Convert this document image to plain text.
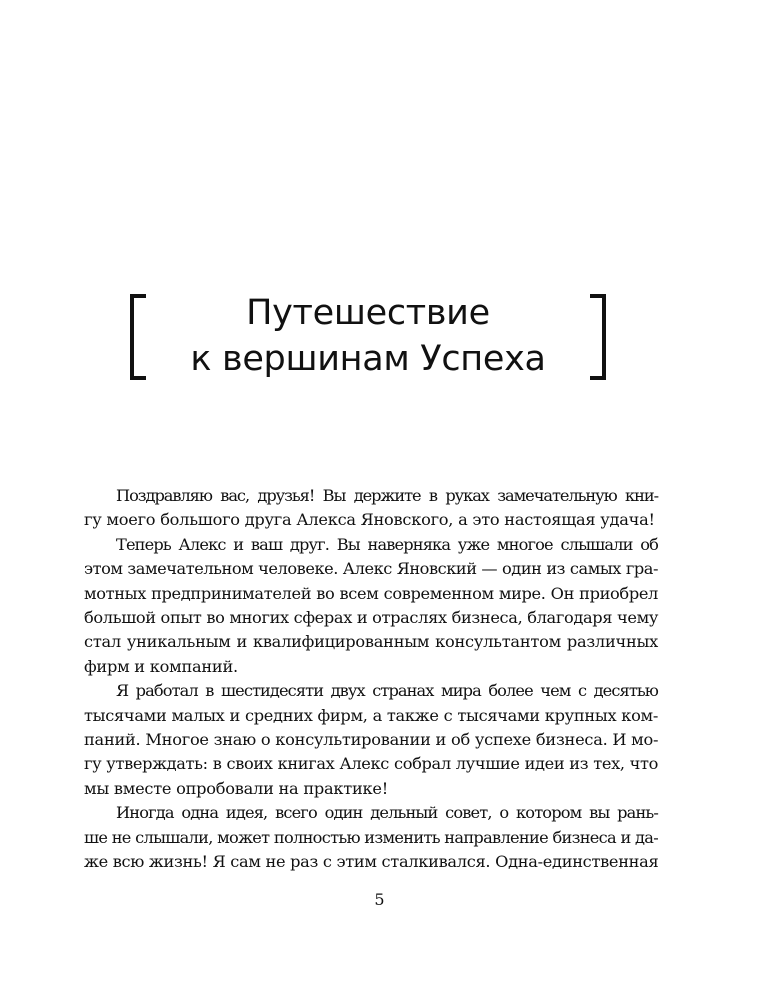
Путешествие
к вершинам Успеха
Поздравляю вас, друзья! Вы держите в руках замечательную кни-
гу моего большого друга Алекса Яновского, а это настоящая удача!
Теперь Алекс и ваш друг. Вы наверняка уже многое слышали об
этом замечательном человеке. Алекс Яновский — один из самых гра-
мотных предпринимателей во всем современном мире. Он приобрел
большой опыт во многих сферах и отраслях бизнеса, благодаря чему
стал уникальным и квалифицированным консультантом различных
фирм и компаний.
Я работал в шестидесяти двух странах мира более чем с десятью
тысячами малых и средних фирм, а также с тысячами крупных ком-
паний. Многое знаю о консультировании и об успехе бизнеса. И мо-
гу утверждать: в своих книгах Алекс собрал лучшие идеи из тех, что
мы вместе опробовали на практике!
Иногда одна идея, всего один дельный совет, о котором вы рань-
ше не слышали, может полностью изменить направление бизнеса и да-
же всю жизнь! Я сам не раз с этим сталкивался. Одна-единственная
5
